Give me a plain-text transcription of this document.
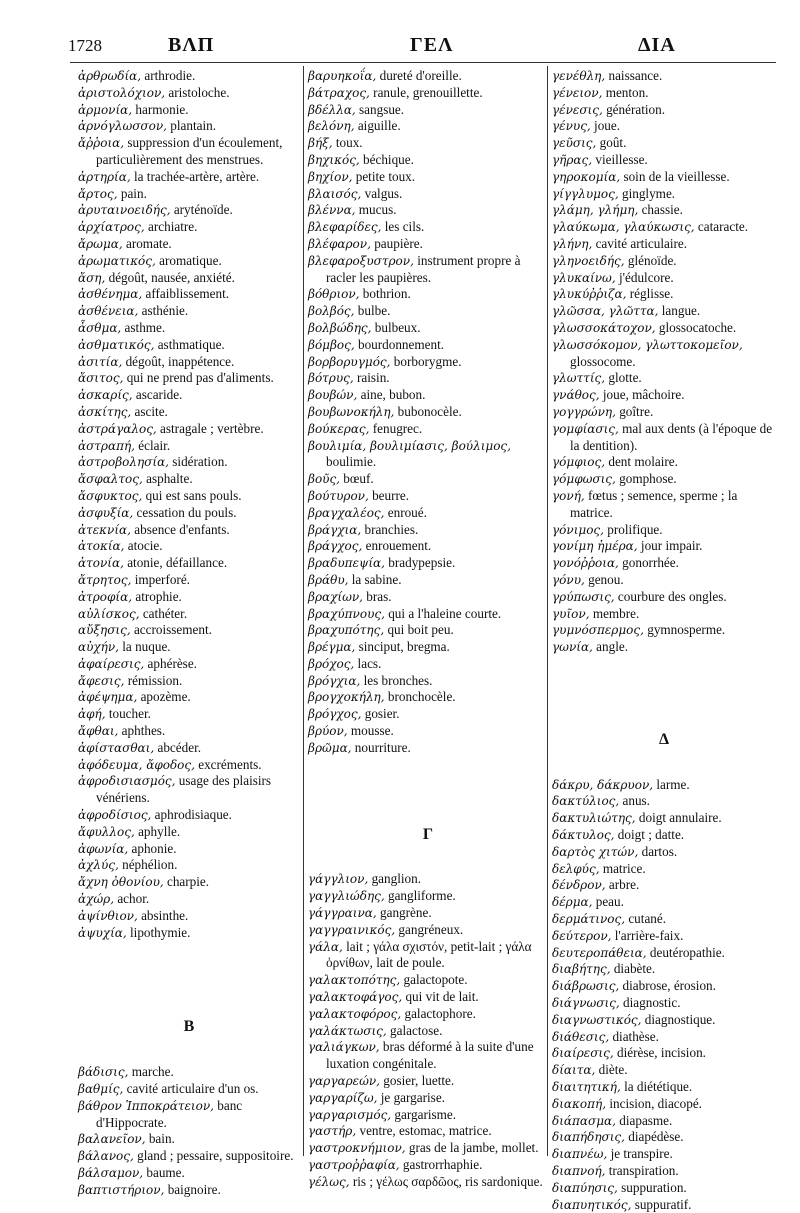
1728	ΒΛΠ	ΓΕΛ	ΔΙΑ

ἀρθρωδία, arthrodie.

ἀριστολόχιον, aristoloche.

ἁρμονία, harmonie.

ἀρνόγλωσσον, plantain.

ἄῤῥοια, suppression d'un écoulement, particulièrement des menstrues.

ἀρτηρία, la trachée-artère, artère.

ἄρτος, pain.

ἀρυταινοειδής, aryténoïde.

ἀρχίατρος, archiatre.

ἄρωμα, aromate.

ἀρωματικός, aromatique.

ἄση, dégoût, nausée, anxiété.

ἀσθένημα, affaiblissement.

ἀσθένεια, asthénie.

ἆσθμα, asthme.

ἀσθματικός, asthmatique.

ἀσιτία, dégoût, inappétence.

ἄσιτος, qui ne prend pas d'aliments.

ἀσκαρίς, ascaride.

ἀσκίτης, ascite.

ἀστράγαλος, astragale ; vertèbre.

ἀστραπή, éclair.

ἀστροβολησία, sidération.

ἄσφαλτος, asphalte.

ἄσφυκτος, qui est sans pouls.

ἀσφυξία, cessation du pouls.

ἀτεκνία, absence d'enfants.

ἀτοκία, atocie.

ἀτονία, atonie, défaillance.

ἄτρητος, imperforé.

ἀτροφία, atrophie.

αὐλίσκος, cathéter.

αὔξησις, accroissement.

αὐχήν, la nuque.

ἀφαίρεσις, aphérèse.

ἄφεσις, rémission.

ἀφέψημα, apozème.

ἀφή, toucher.

ἄφθαι, aphthes.

ἀφίστασθαι, abcéder.

ἀφόδευμα, ἄφοδος, excréments.

ἀφροδισιασμός, usage des plaisirs vénériens.

ἀφροδίσιος, aphrodisiaque.

ἄφυλλος, aphylle.

ἀφωνία, aphonie.

ἀχλύς, néphélion.

ἄχνη ὀθονίου, charpie.

ἀχώρ, achor.

ἀψίνθιον, absinthe.

ἀψυχία, lipothymie.

B

βάδισις, marche.

βαθμίς, cavité articulaire d'un os.

βάθρον Ἱπποκράτειον, banc d'Hippocrate.

βαλανεῖον, bain.

βάλανος, gland ; pessaire, suppositoire.

βάλσαμον, baume.

βαπτιστήριον, baignoire.

βαρυηκοΐα, dureté d'oreille.

βάτραχος, ranule, grenouillette.

βδέλλα, sangsue.

βελόνη, aiguille.

βήξ, toux.

βηχικός, béchique.

βηχίον, petite toux.

βλαισός, valgus.

βλέννα, mucus.

βλεφαρίδες, les cils.

βλέφαρον, paupière.

βλεφαροξυστρον, instrument propre à racler les paupières.

βόθριον, bothrion.

βολβός, bulbe.

βολβώδης, bulbeux.

βόμβος, bourdonnement.

βορβορυγμός, borborygme.

βότρυς, raisin.

βουβών, aine, bubon.

βουβωνοκήλη, bubonocèle.

βούκερας, fenugrec.

βουλιμία, βουλιμίασις, βούλιμος, boulimie.

βοῦς, bœuf.

βούτυρον, beurre.

βραγχαλέος, enroué.

βράγχια, branchies.

βράγχος, enrouement.

βραδυπεψία, bradypepsie.

βράθυ, la sabine.

βραχίων, bras.

βραχύπνους, qui a l'haleine courte.

βραχυπότης, qui boit peu.

βρέγμα, sinciput, bregma.

βρόχος, lacs.

βρόγχια, les bronches.

βρογχοκήλη, bronchocèle.

βρόγχος, gosier.

βρύον, mousse.

βρῶμα, nourriture.

Γ

γάγγλιον, ganglion.

γαγγλιώδης, gangliforme.

γάγγραινα, gangrène.

γαγγραινικός, gangréneux.

γάλα, lait ; γάλα σχιστόν, petit-lait ; γάλα ὀρνίθων, lait de poule.

γαλακτοπότης, galactopote.

γαλακτοφάγος, qui vit de lait.

γαλακτοφόρος, galactophore.

γαλάκτωσις, galactose.

γαλιάγκων, bras déformé à la suite d'une luxation congénitale.

γαργαρεών, gosier, luette.

γαργαρίζω, je gargarise.

γαργαρισμός, gargarisme.

γαστήρ, ventre, estomac, matrice.

γαστροκνήμιον, gras de la jambe, mollet.

γαστροῤῥαφία, gastrorrhaphie.

γέλως, ris ; γέλως σαρδῶος, ris sardonique.

γενέθλη, naissance.

γένειον, menton.

γένεσις, génération.

γένυς, joue.

γεῦσις, goût.

γῆρας, vieillesse.

γηροκομία, soin de la vieillesse.

γίγγλυμος, ginglyme.

γλάμη, γλήμη, chassie.

γλαύκωμα, γλαύκωσις, cataracte.

γλήνη, cavité articulaire.

γληνοειδής, glénoïde.

γλυκαίνω, j'édulcore.

γλυκύῤῥιζα, réglisse.

γλῶσσα, γλῶττα, langue.

γλωσσοκάτοχον, glossocatoche.

γλωσσόκομον, γλωττοκομεῖον, glossocome.

γλωττίς, glotte.

γνάθος, joue, mâchoire.

γογγρώνη, goître.

γομφίασις, mal aux dents (à l'époque de la dentition).

γόμφιος, dent molaire.

γόμφωσις, gomphose.

γονή, fœtus ; semence, sperme ; la matrice.

γόνιμος, prolifique.

γονίμη ἡμέρα, jour impair.

γονόῤῥοια, gonorrhée.

γόνυ, genou.

γρύπωσις, courbure des ongles.

γυῖον, membre.

γυμνόσπερμος, gymnosperme.

γωνία, angle.

Δ

δάκρυ, δάκρυον, larme.

δακτύλιος, anus.

δακτυλιώτης, doigt annulaire.

δάκτυλος, doigt ; datte.

δαρτὸς χιτών, dartos.

δελφύς, matrice.

δένδρον, arbre.

δέρμα, peau.

δερμάτινος, cutané.

δεύτερον, l'arrière-faix.

δευτεροπάθεια, deutéropathie.

διαβήτης, diabète.

διάβρωσις, diabrose, érosion.

διάγνωσις, diagnostic.

διαγνωστικός, diagnostique.

διάθεσις, diathèse.

διαίρεσις, diérèse, incision.

δίαιτα, diète.

διαιτητική, la diététique.

διακοπή, incision, diacopé.

διάπασμα, diapasme.

διαπήδησις, diapédèse.

διαπνέω, je transpire.

διαπνοή, transpiration.

διαπύησις, suppuration.

διαπυητικός, suppuratif.
